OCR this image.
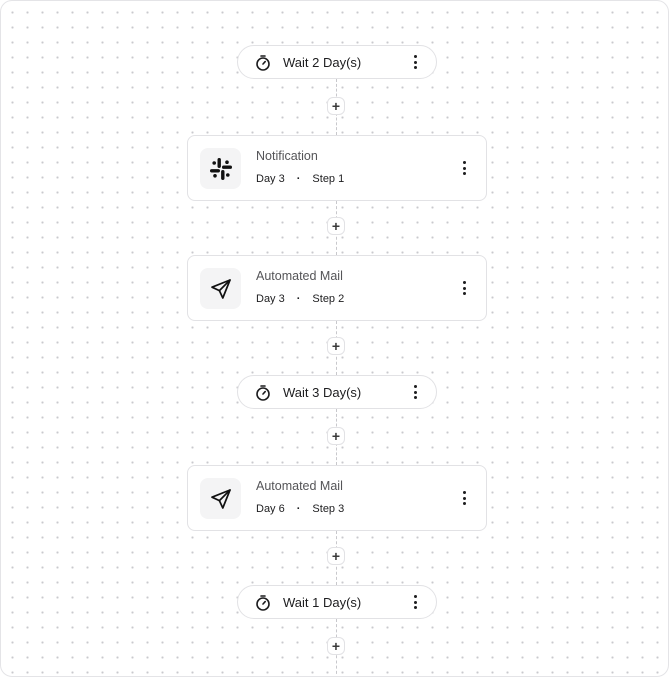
Wait 2 Day(s)
+
Notification
Day 3 · Step 1
+
Automated Mail
Day 3 · Step 2
+
Wait 3 Day(s)
+
Automated Mail
Day 6 · Step 3
+
Wait 1 Day(s)
+
